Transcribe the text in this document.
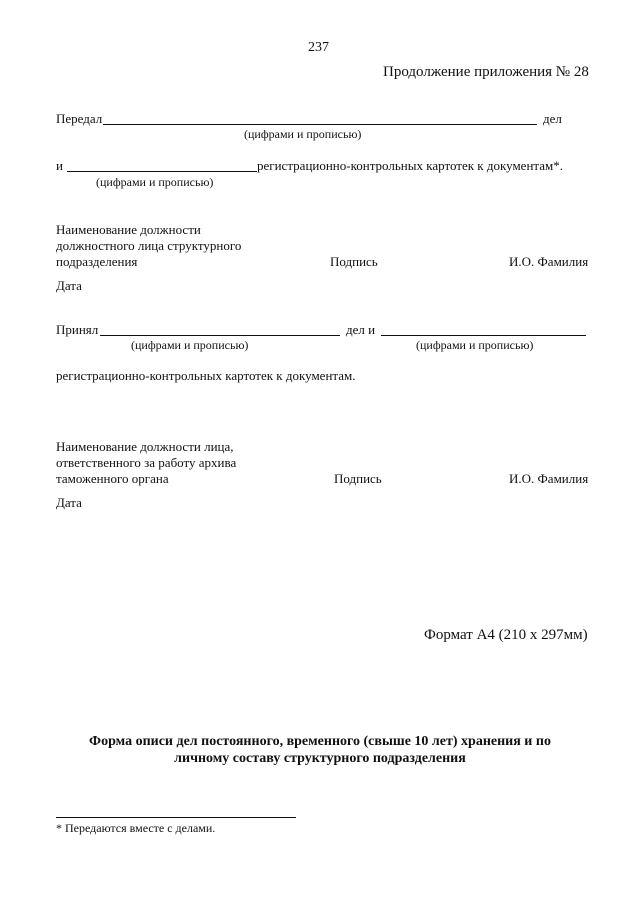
237
Продолжение приложения № 28
Передал	дел
(цифрами и прописью)
и	регистрационно-контрольных картотек к документам*.
(цифрами и прописью)
Наименование должности
должностного лица структурного
подразделения	Подпись	И.О. Фамилия
Дата
Принял	дел и
(цифрами и прописью)	(цифрами и прописью)
регистрационно-контрольных картотек к документам.
Наименование должности лица,
ответственного за работу архива
таможенного органа	Подпись	И.О. Фамилия
Дата
Формат А4 (210 x 297мм)
Форма описи дел постоянного, временного (свыше 10 лет) хранения и по
личному составу структурного подразделения
* Передаются вместе с делами.
